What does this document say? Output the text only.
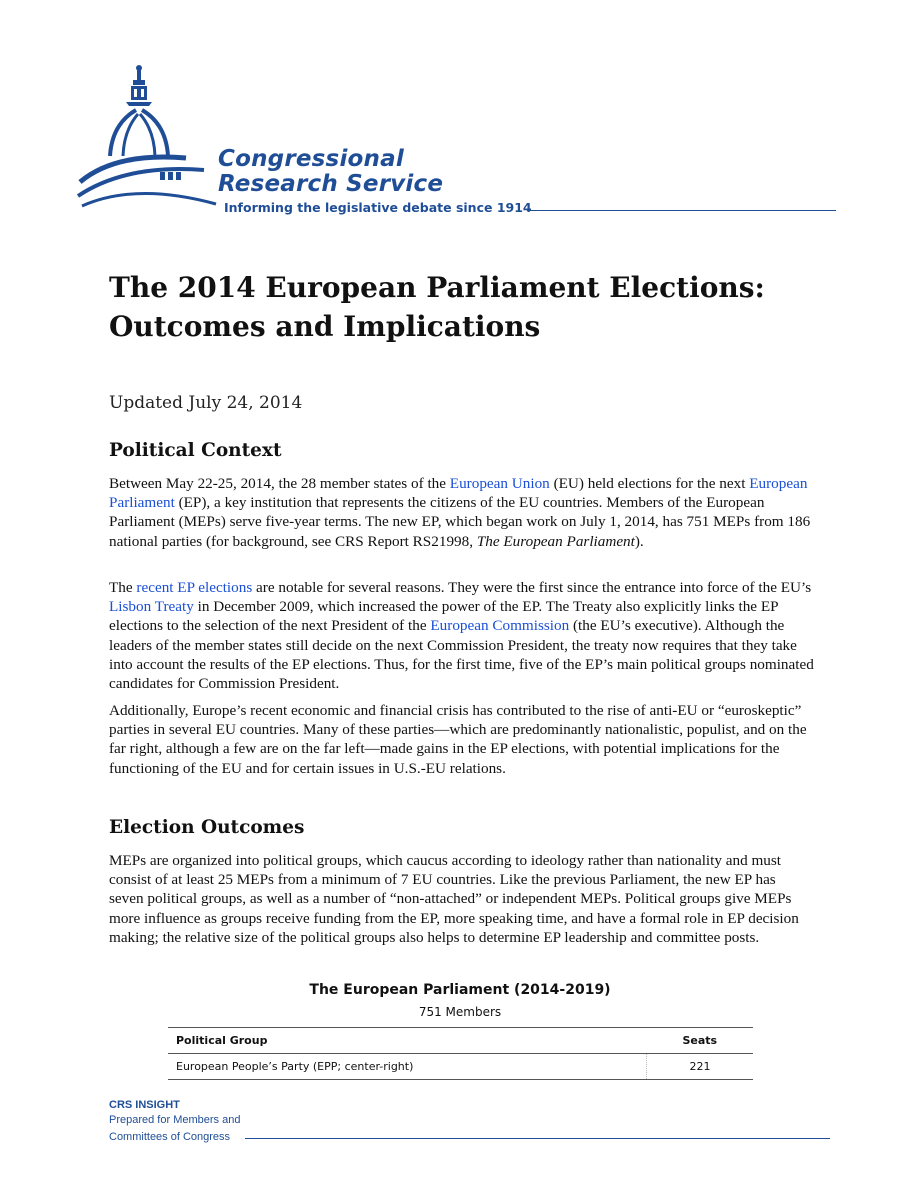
Congressional
Research Service
Informing the legislative debate since 1914
The 2014 European Parliament Elections: Outcomes and Implications
Updated July 24, 2014
Political Context

Between May 22-25, 2014, the 28 member states of the European Union (EU) held elections for the next European Parliament (EP), a key institution that represents the citizens of the EU countries. Members of the European Parliament (MEPs) serve five-year terms. The new EP, which began work on July 1, 2014, has 751 MEPs from 186 national parties (for background, see CRS Report RS21998, The European Parliament).

The recent EP elections are notable for several reasons. They were the first since the entrance into force of the EU’s Lisbon Treaty in December 2009, which increased the power of the EP. The Treaty also explicitly links the EP elections to the selection of the next President of the European Commission (the EU’s executive). Although the leaders of the member states still decide on the next Commission President, the treaty now requires that they take into account the results of the EP elections. Thus, for the first time, five of the EP’s main political groups nominated candidates for Commission President.

Additionally, Europe’s recent economic and financial crisis has contributed to the rise of anti-EU or “euroskeptic” parties in several EU countries. Many of these parties—which are predominantly nationalistic, populist, and on the far right, although a few are on the far left—made gains in the EP elections, with potential implications for the functioning of the EU and for certain issues in U.S.-EU relations.

Election Outcomes

MEPs are organized into political groups, which caucus according to ideology rather than nationality and must consist of at least 25 MEPs from a minimum of 7 EU countries. Like the previous Parliament, the new EP has seven political groups, as well as a number of “non-attached” or independent MEPs. Political groups give MEPs more influence as groups receive funding from the EP, more speaking time, and have a formal role in EP decision making; the relative size of the political groups also helps to determine EP leadership and committee posts.

The European Parliament (2014-2019)
751 Members
Political Group	Seats
European People’s Party (EPP; center-right)	221
CRS INSIGHT
Prepared for Members and
Committees of Congress
